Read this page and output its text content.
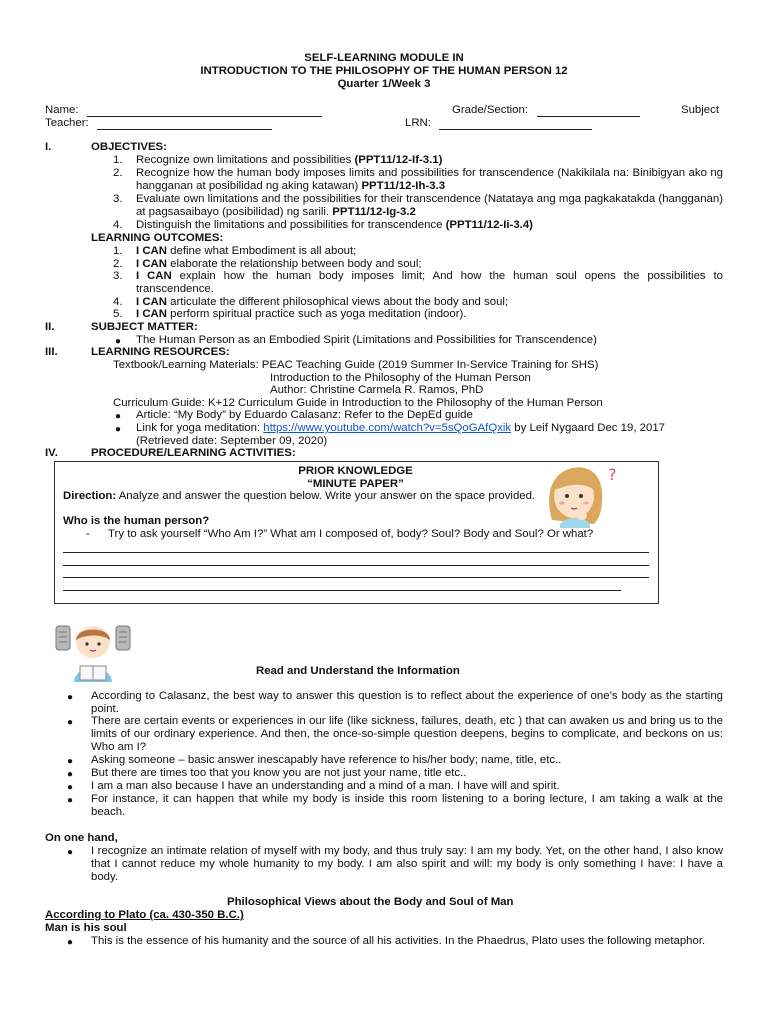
SELF-LEARNING MODULE IN
INTRODUCTION TO THE PHILOSOPHY OF THE HUMAN PERSON 12
Quarter 1/Week 3
Name:	Grade/Section:	Subject
Teacher:	LRN:
I.	OBJECTIVES:
1. Recognize own limitations and possibilities (PPT11/12-If-3.1)
2. Recognize how the human body imposes limits and possibilities for transcendence (Nakikilala na: Binibigyan ako ng hangganan at posibilidad ng aking katawan) PPT11/12-Ih-3.3
3. Evaluate own limitations and the possibilities for their transcendence (Natataya ang mga pagkakatakda (hangganan) at pagsasaibayo (posibilidad) ng sarili. PPT11/12-Ig-3.2
4. Distinguish the limitations and possibilities for transcendence (PPT11/12-Ii-3.4)
LEARNING OUTCOMES:
1. I CAN define what Embodiment is all about;
2. I CAN elaborate the relationship between body and soul;
3. I CAN explain how the human body imposes limit; And how the human soul opens the possibilities to transcendence.
4. I CAN articulate the different philosophical views about the body and soul;
5. I CAN perform spiritual practice such as yoga meditation (indoor).
II.	SUBJECT MATTER:
● The Human Person as an Embodied Spirit (Limitations and Possibilities for Transcendence)
III.	LEARNING RESOURCES:
Textbook/Learning Materials: PEAC Teaching Guide (2019 Summer In-Service Training for SHS)
Introduction to the Philosophy of the Human Person
Author: Christine Carmela R. Ramos, PhD
Curriculum Guide: K+12 Curriculum Guide in Introduction to the Philosophy of the Human Person
● Article: “My Body” by Eduardo Calasanz: Refer to the DepEd guide
● Link for yoga meditation: https://www.youtube.com/watch?v=5sQoGAfQxik by Leif Nygaard Dec 19, 2017
(Retrieved date: September 09, 2020)
IV.	PROCEDURE/LEARNING ACTIVITIES:
PRIOR KNOWLEDGE
“MINUTE PAPER”
Direction: Analyze and answer the question below. Write your answer on the space provided.
?
Who is the human person?
- Try to ask yourself “Who Am I?” What am I composed of, body? Soul? Body and Soul? Or what?
Read and Understand the Information
● According to Calasanz, the best way to answer this question is to reflect about the experience of one’s body as the starting point.
● There are certain events or experiences in our life (like sickness, failures, death, etc ) that can awaken us and bring us to the limits of our ordinary experience. And then, the once-so-simple question deepens, begins to complicate, and beckons on us: Who am I?
● Asking someone – basic answer inescapably have reference to his/her body; name, title, etc..
● But there are times too that you know you are not just your name, title etc..
● I am a man also because I have an understanding and a mind of a man. I have will and spirit.
● For instance, it can happen that while my body is inside this room listening to a boring lecture, I am taking a walk at the beach.
On one hand,
● I recognize an intimate relation of myself with my body, and thus truly say: I am my body. Yet, on the other hand, I also know that I cannot reduce my whole humanity to my body. I am also spirit and will: my body is only something I have: I have a body.
Philosophical Views about the Body and Soul of Man
According to Plato (ca. 430-350 B.C.)
Man is his soul
● This is the essence of his humanity and the source of all his activities. In the Phaedrus, Plato uses the following metaphor.
